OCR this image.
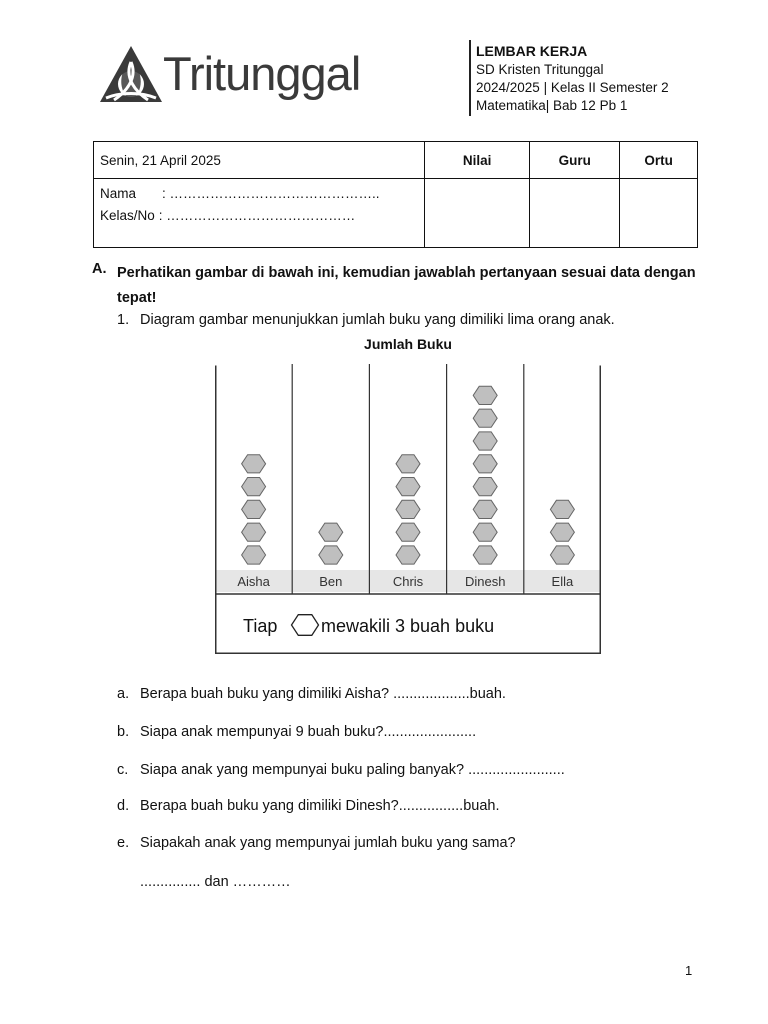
Tritunggal	LEMBAR KERJA
SD Kristen Tritunggal
2024/2025 | Kelas II Semester 2
Matematika| Bab 12 Pb 1
Senin, 21 April 2025	Nilai	Guru	Ortu

Nama : ………………………………………..
Kelas/No : ……………………………………			

A. Perhatikan gambar di bawah ini, kemudian jawablah pertanyaan sesuai data dengan tepat!
1. Diagram gambar menunjukkan jumlah buku yang dimiliki lima orang anak.
Jumlah Buku
Aisha	Ben	Chris	Dinesh	Ella
Tiap mewakili 3 buah buku
a. Berapa buah buku yang dimiliki Aisha? ...................buah.
b. Siapa anak mempunyai 9 buah buku?.......................
c. Siapa anak yang mempunyai buku paling banyak? ........................
d. Berapa buah buku yang dimiliki Dinesh?................buah.
e. Siapakah anak yang mempunyai jumlah buku yang sama?
............... dan …………
1
